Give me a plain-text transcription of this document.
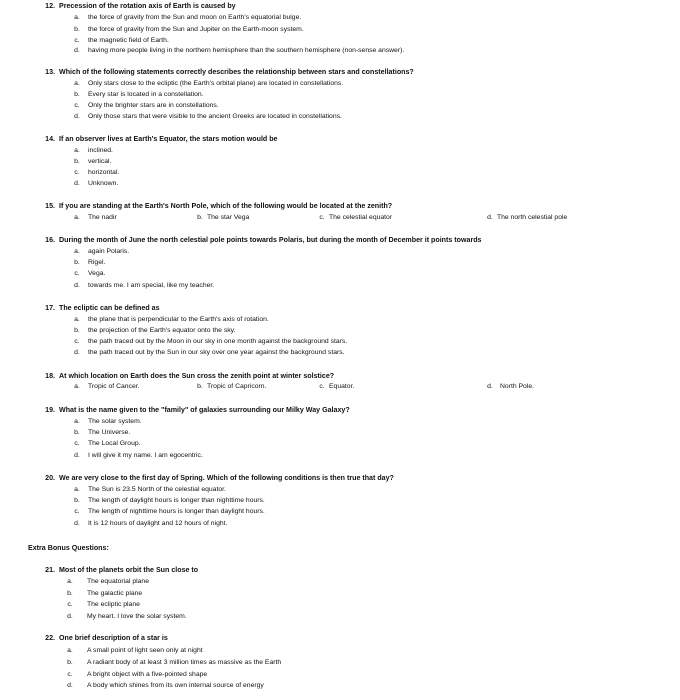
12. Precession of the rotation axis of Earth is caused by
a.	the force of gravity from the Sun and moon on Earth's equatorial bulge.
b.	the force of gravity from the Sun and Jupiter on the Earth-moon system.
c.	the magnetic field of Earth.
d.	having more people living in the northern hemisphere than the southern hemisphere (non-sense answer).
13. Which of the following statements correctly describes the relationship between stars and constellations?
a.	Only stars close to the ecliptic (the Earth's orbital plane) are located in constellations.
b.	Every star is located in a constellation.
c.	Only the brighter stars are in constellations.
d.	Only those stars that were visible to the ancient Greeks are located in constellations.
14. If an observer lives at Earth's Equator, the stars motion would be
a.	inclined.
b.	vertical.
c.	horizontal.
d.	Unknown.
15. If you are standing at the Earth's North Pole, which of the following would be located at the zenith?
a.	The nadir	b. The star Vega	c. The celestial equator	d. The north celestial pole
16. During the month of June the north celestial pole points towards Polaris, but during the month of December it points towards
a.	again Polaris.
b.	Rigel.
c.	Vega.
d.	towards me. I am special, like my teacher.
17. The ecliptic can be defined as
a.	the plane that is perpendicular to the Earth's axis of rotation.
b.	the projection of the Earth's equator onto the sky.
c.	the path traced out by the Moon in our sky in one month against the background stars.
d.	the path traced out by the Sun in our sky over one year against the background stars.
18. At which location on Earth does the Sun cross the zenith point at winter solstice?
a.	Tropic of Cancer.	b. Tropic of Capricorn.	c. Equator.	d.	North Pole.
19. What is the name given to the "family" of galaxies surrounding our Milky Way Galaxy?
a.	The solar system.
b.	The Universe.
c.	The Local Group.
d.	I will give it my name. I am egocentric.
20. We are very close to the first day of Spring. Which of the following conditions is then true that day?
a.	The Sun is 23.5 North of the celestial equator.
b.	The length of daylight hours is longer than nighttime hours.
c.	The length of nighttime hours is longer than daylight hours.
d.	It is 12 hours of daylight and 12 hours of night.
Extra Bonus Questions:
21. Most of the planets orbit the Sun close to
a.	The equatorial plane
b.	The galactic plane
c.	The ecliptic plane
d.	My heart. I love the solar system.
22. One brief description of a star is
a.	A small point of light seen only at night
b.	A radiant body of at least 3 million times as massive as the Earth
c.	A bright object with a five-pointed shape
d.	A body which shines from its own internal source of energy
